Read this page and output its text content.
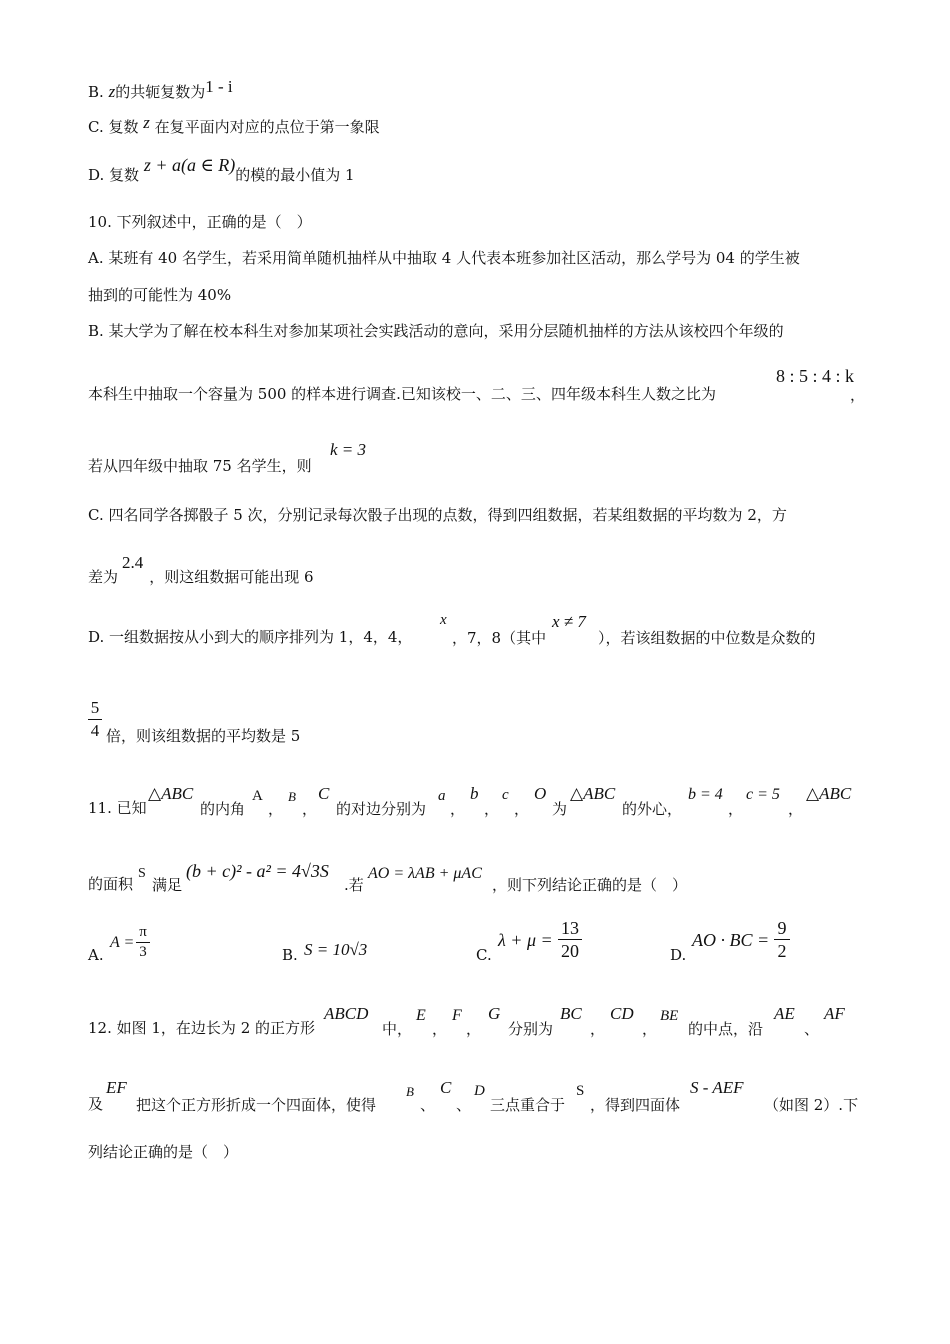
B. z的共轭复数为1 - i
C. 复数 z 在复平面内对应的点位于第一象限
D. 复数 z + a(a ∈ R)的模的最小值为 1
10. 下列叙述中，正确的是（　）
A. 某班有 40 名学生，若采用简单随机抽样从中抽取 4 人代表本班参加社区活动，那么学号为 04 的学生被
抽到的可能性为 40%
B. 某大学为了解在校本科生对参加某项社会实践活动的意向，采用分层随机抽样的方法从该校四个年级的
本科生中抽取一个容量为 500 的样本进行调查.已知该校一、二、三、四年级本科生人数之比为
8 : 5 : 4 : k
，
若从四年级中抽取 75 名学生，则
k = 3
C. 四名同学各掷骰子 5 次，分别记录每次骰子出现的点数，得到四组数据，若某组数据的平均数为 2，方
差为2.4，则这组数据可能出现 6
D. 一组数据按从小到大的顺序排列为 1，4，4，
x
，7，8（其中
x ≠ 7
），若该组数据的中位数是众数的
5
4 倍，则该组数据的平均数是 5
11. 已知
△ABC
的内角
A
，
B
，
C
的对边分别为
a
，
b
，
c
，
O
为
△ABC
的外心，
b = 4
，
c = 5
，
△ABC
的面积
S
满足
(b + c)² - a² = 4√3S
.若
AO = λAB + μAC
，则下列结论正确的是（　）
A.
A =
π
3	B. S = 10√3	C.
λ + μ =
13
20	D.
AO · BC =
9
2
12. 如图 1，在边长为 2 的正方形
ABCD
中，
E
，
F
，
G
分别为
BC
，
CD
，
BE
的中点，沿
AE
、
AF
及
EF
把这个正方形折成一个四面体，使得
B
、
C
、
D
三点重合于
S
，得到四面体
S - AEF
（如图 2）.下
列结论正确的是（　）
